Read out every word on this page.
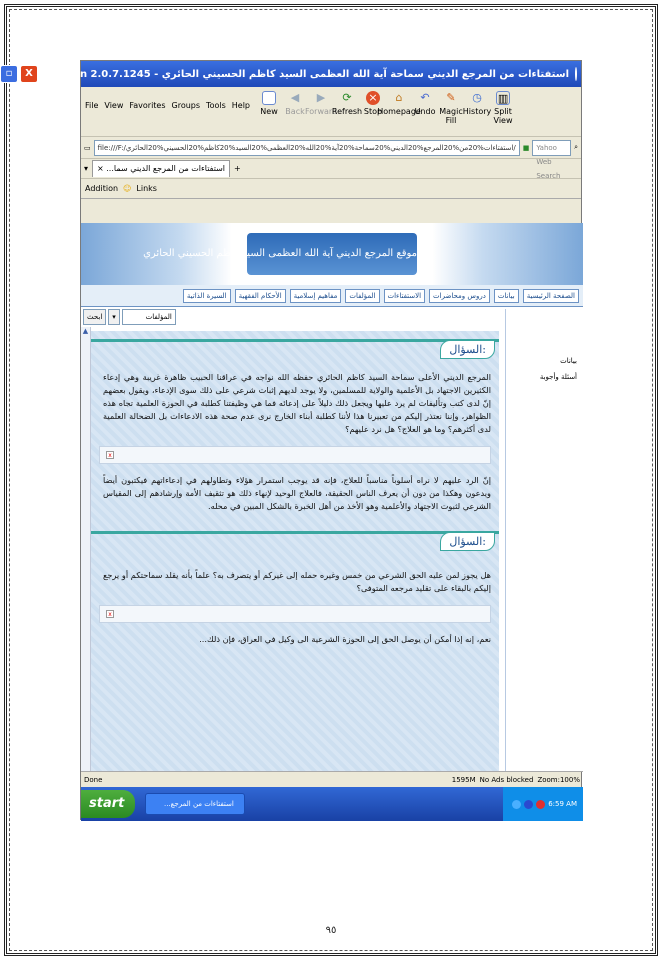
استفتاءات من المرجع الديني سماحة آية الله العظمى السيد كاظم الحسيني الحائري - Maxthon 2.0.7.1245
▫	X
File View Favorites Groups Tools Help
New
◀
Back
▶
Forward
⟳
Refresh
×
Stop
⌂
Homepage
↶
Undo
✎
Magic Fill
◷
History
▥
Split View
▭	file:///F:/استفتاءات%20من%20المرجع%20الديني%20سماحة%20آية%20الله%20العظمى%20السيد%20كاظم%20الحسيني%20الحائري/	■	Yahoo Web Search
⌕
▾	استفتاءات من المرجع الديني سما... ×	+
Addition ☺ Links
موقع المرجع الديني آية الله العظمى السيد كاظم الحسيني الحائري
الصفحة الرئيسية
بيانات
دروس ومحاضرات
الاستفتاءات
المؤلفات
مفاهيم إسلامية
الأحكام الفقهية
السيرة الذاتية
ابحث	▾	المؤلفات
▲
السؤال:

المرجع الديني الأعلى سماحة السيد كاظم الحائري حفظه الله نواجه في عراقنا الحبيب ظاهرة غريبة وهي إدعاء الكثيرين الاجتهاد بل الأعلمية والولاية للمسلمين، ولا يوجد لديهم إثبات شرعي على ذلك سوى الإدعاء، ويقول بعضهم إنّ لدى كتب وتأليفات لم يرد عليها ويجعل ذلك دليلاً على إدعائه فما هي وظيفتنا كطلبة في الحوزة العلمية تجاه هذه الظواهر، وإننا نعتذر إليكم من تعبيرنا هذا لأننا كطلبة أبناء الخارج نرى عدم صحة هذه الادعاءات بل الضحالة العلمية لدى أكثرهم؟ وما هو العلاج؟ هل نرد عليهم؟

x

إنّ الرد عليهم لا نراه أسلوباً مناسباً للعلاج، فإنه قد يوجب استمرار هؤلاء وتطاولهم في إدعاءاتهم فيكتبون أيضاً ويدعون وهكذا من دون أن يعرف الناس الحقيقة، فالعلاج الوحيد لإنهاء ذلك هو تثقيف الأمة وإرشادهم إلى المقياس الشرعي لثبوت الاجتهاد والأعلمية وهو الأخذ من أهل الخبرة بالشكل المبين في محله.

السؤال:

هل يجوز لمن عليه الحق الشرعي من خمس وغيره حمله إلى غيركم أو يتصرف به؟ علماً بأنه يقلد سماحتكم أو يرجع إليكم بالبقاء على تقليد مرجعه المتوفى؟

x

نعم، إنه إذا أمكن أن يوصل الحق إلى الحوزة الشرعية الى وكيل في العراق، فإن ذلك...

بيانات
أسئلة وأجوبة
Done	1595M No Ads blocked Zoom:100%
start	استفتاءات من المرجع...	6:59 AM
٩٥
